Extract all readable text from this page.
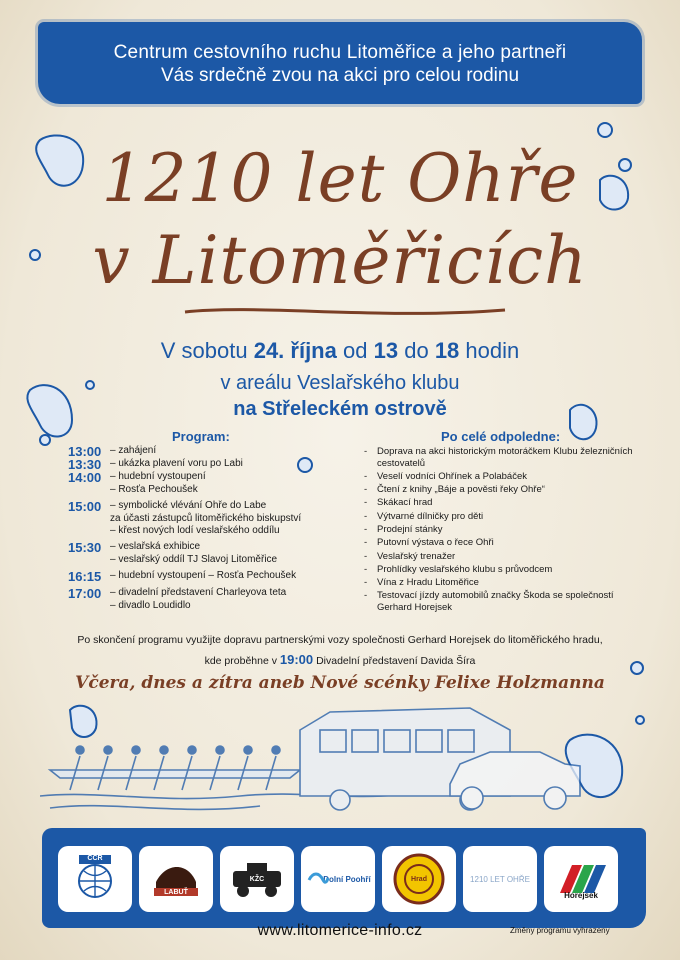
Centrum cestovního ruchu Litoměřice a jeho partneři
Vás srdečně zvou na akci pro celou rodinu
1210 let Ohře
v Litoměřicích
V sobotu 24. října od 13 do 18 hodin
v areálu Veslařského klubu
na Střeleckém ostrově
Program:	Po celé odpoledne:
13:00 – zahájení
13:30 – ukázka plavení voru po Labi
14:00 – hudební vystoupení
– Rosťa Pechoušek
15:00 – symbolické vlévání Ohře do Labe
za účasti zástupců litoměřického biskupství
– křest nových lodí veslařského oddílu
15:30 – veslařská exhibice
– veslařský oddíl TJ Slavoj Litoměřice
16:15 – hudební vystoupení – Rosťa Pechoušek
17:00 – divadelní představení Charleyova teta
– divadlo Loudidlo
-	Doprava na akci historickým motoráčkem Klubu železničních cestovatelů
-	Veselí vodníci Ohřínek a Polabáček
-	Čtení z knihy „Báje a pověsti řeky Ohře“
-	Skákací hrad
-	Výtvarné dílničky pro děti
-	Prodejní stánky
-	Putovní výstava o řece Ohři
-	Veslařský trenažer
-	Prohlídky veslařského klubu s průvodcem
-	Vína z Hradu Litoměřice
-	Testovací jízdy automobilů značky Škoda se společností Gerhard Horejsek
Po skončení programu využijte dopravu partnerskými vozy společnosti Gerhard Horejsek do litoměřického hradu,
kde proběhne v 19:00 Divadelní představení Davida Šíra
Včera, dnes a zítra aneb Nové scénky Felixe Holzmanna
CCR
LABUŤ
KŽC	Dolní Poohří	Hrad	1210 LET OHŘE
Horejsek
www.litomerice-info.cz	Změny programu vyhrazeny
